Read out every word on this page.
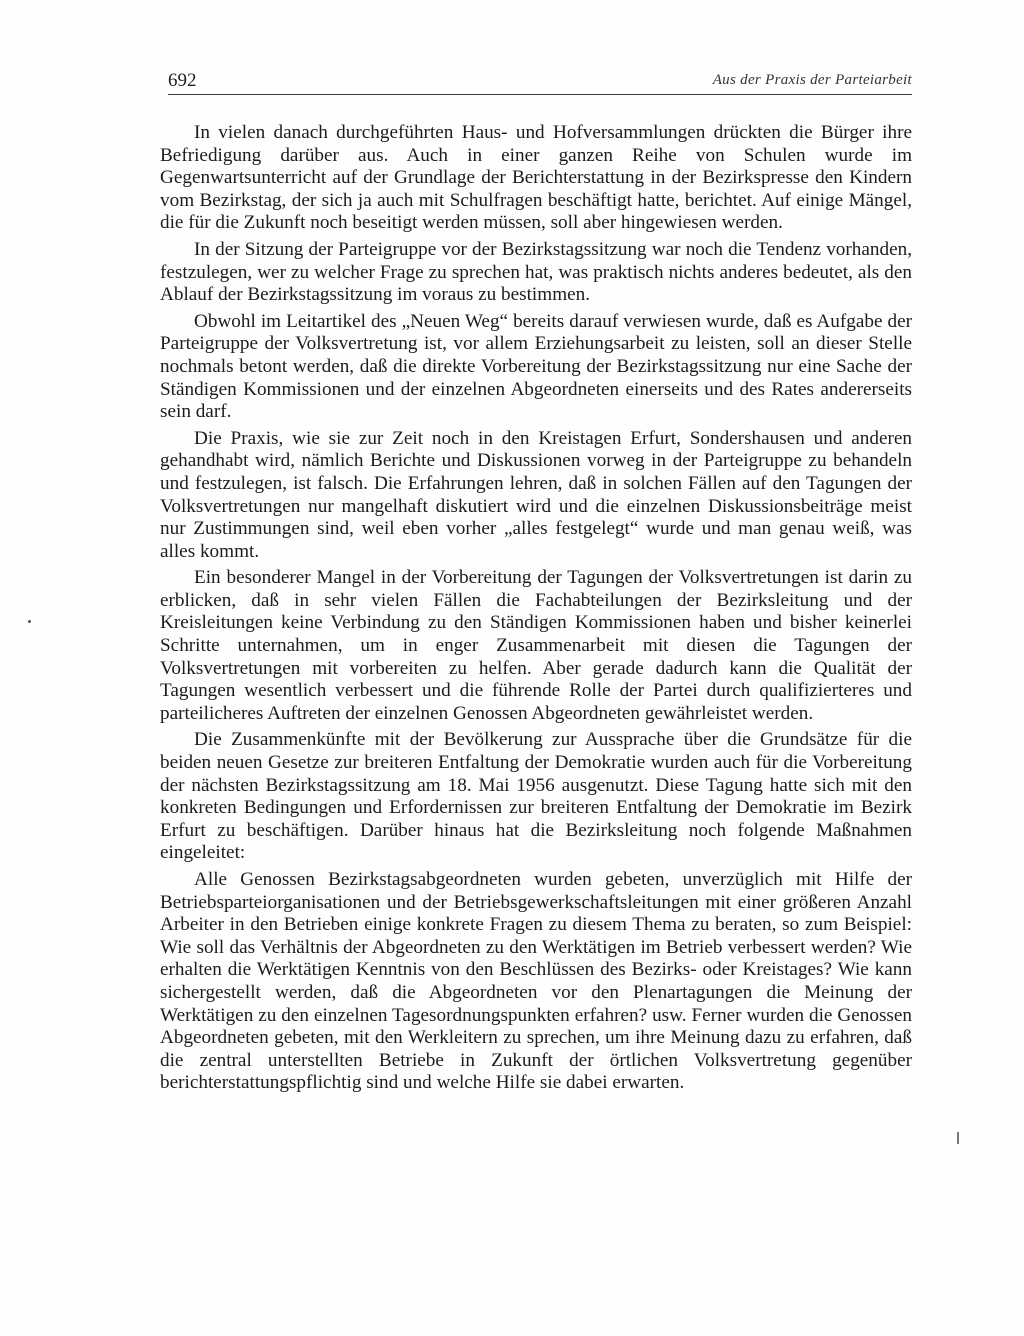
692	Aus der Praxis der Parteiarbeit

In vielen danach durchgeführten Haus- und Hofversammlungen drückten die Bürger ihre Befriedigung darüber aus. Auch in einer ganzen Reihe von Schulen wurde im Gegenwartsunterricht auf der Grundlage der Berichterstattung in der Bezirkspresse den Kindern vom Bezirkstag, der sich ja auch mit Schulfragen beschäftigt hatte, berichtet. Auf einige Mängel, die für die Zukunft noch beseitigt werden müssen, soll aber hingewiesen werden.

In der Sitzung der Parteigruppe vor der Bezirkstagssitzung war noch die Tendenz vorhanden, festzulegen, wer zu welcher Frage zu sprechen hat, was praktisch nichts anderes bedeutet, als den Ablauf der Bezirkstagssitzung im voraus zu bestimmen.

Obwohl im Leitartikel des „Neuen Weg“ bereits darauf verwiesen wurde, daß es Aufgabe der Parteigruppe der Volksvertretung ist, vor allem Erziehungsarbeit zu leisten, soll an dieser Stelle nochmals betont werden, daß die direkte Vorbereitung der Bezirkstagssitzung nur eine Sache der Ständigen Kommissionen und der einzelnen Abgeordneten einerseits und des Rates andererseits sein darf.

Die Praxis, wie sie zur Zeit noch in den Kreistagen Erfurt, Sondershausen und anderen gehandhabt wird, nämlich Berichte und Diskussionen vorweg in der Parteigruppe zu behandeln und festzulegen, ist falsch. Die Erfahrungen lehren, daß in solchen Fällen auf den Tagungen der Volksvertretungen nur mangelhaft diskutiert wird und die einzelnen Diskussionsbeiträge meist nur Zustimmungen sind, weil eben vorher „alles festgelegt“ wurde und man genau weiß, was alles kommt.

Ein besonderer Mangel in der Vorbereitung der Tagungen der Volksvertretungen ist darin zu erblicken, daß in sehr vielen Fällen die Fachabteilungen der Bezirksleitung und der Kreisleitungen keine Verbindung zu den Ständigen Kommissionen haben und bisher keinerlei Schritte unternahmen, um in enger Zusammenarbeit mit diesen die Tagungen der Volksvertretungen mit vorbereiten zu helfen. Aber gerade dadurch kann die Qualität der Tagungen wesentlich verbessert und die führende Rolle der Partei durch qualifizierteres und parteilicheres Auftreten der einzelnen Genossen Abgeordneten gewährleistet werden.

Die Zusammenkünfte mit der Bevölkerung zur Aussprache über die Grundsätze für die beiden neuen Gesetze zur breiteren Entfaltung der Demokratie wurden auch für die Vorbereitung der nächsten Bezirkstagssitzung am 18. Mai 1956 ausgenutzt. Diese Tagung hatte sich mit den konkreten Bedingungen und Erfordernissen zur breiteren Entfaltung der Demokratie im Bezirk Erfurt zu beschäftigen. Darüber hinaus hat die Bezirksleitung noch folgende Maßnahmen eingeleitet:

Alle Genossen Bezirkstagsabgeordneten wurden gebeten, unverzüglich mit Hilfe der Betriebsparteiorganisationen und der Betriebsgewerkschaftsleitungen mit einer größeren Anzahl Arbeiter in den Betrieben einige konkrete Fragen zu diesem Thema zu beraten, so zum Beispiel: Wie soll das Verhältnis der Abgeordneten zu den Werktätigen im Betrieb verbessert werden? Wie erhalten die Werktätigen Kenntnis von den Beschlüssen des Bezirks- oder Kreistages? Wie kann sichergestellt werden, daß die Abgeordneten vor den Plenartagungen die Meinung der Werktätigen zu den einzelnen Tagesordnungspunkten erfahren? usw. Ferner wurden die Genossen Abgeordneten gebeten, mit den Werkleitern zu sprechen, um ihre Meinung dazu zu erfahren, daß die zentral unterstellten Betriebe in Zukunft der örtlichen Volksvertretung gegenüber berichterstattungspflichtig sind und welche Hilfe sie dabei erwarten.
